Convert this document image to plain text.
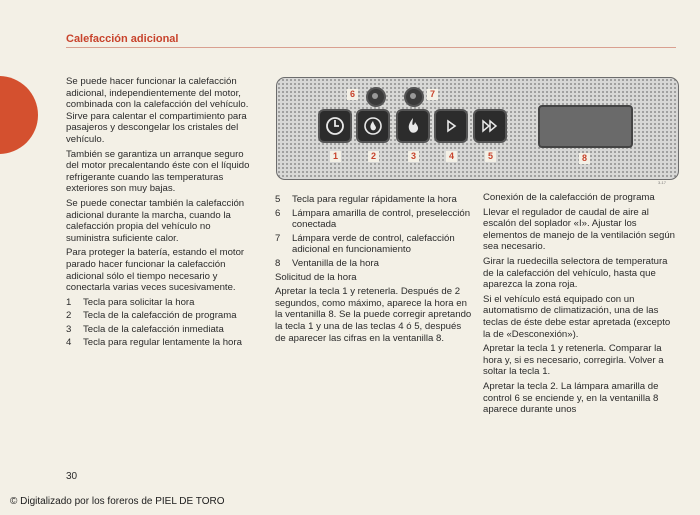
Calefacción adicional

Se puede hacer funcionar la calefacción adicional, independientemente del motor, combinada con la calefacción del vehículo. Sirve para calentar el compartimiento para pasajeros y descongelar los cristales del vehículo.

También se garantiza un arranque seguro del motor precalentando éste con el líquido refrigerante cuando las temperaturas exteriores son muy bajas.

Se puede conectar también la calefacción adicional durante la marcha, cuando la calefacción propia del vehículo no suministra suficiente calor.

Para proteger la batería, estando el motor parado hacer funcionar la calefacción adicional sólo el tiempo necesario y conectarla varias veces sucesivamente.

1	Tecla para solicitar la hora
2	Tecla de la calefacción de programa
3	Tecla de la calefacción inmediata
4	Tecla para regular lentamente la hora
6	7
1	2	3	4	5	8
3-17
5	Tecla para regular rápidamente la hora
6	Lámpara amarilla de control, preselección conectada
7	Lámpara verde de control, calefacción adicional en funcionamiento
8	Ventanilla de la hora

Solicitud de la hora

Apretar la tecla 1 y retenerla. Después de 2 segundos, como máximo, aparece la hora en la ventanilla 8. Se la puede corregir apretando la tecla 1 y una de las teclas 4 ó 5, después de aparecer las cifras en la ventanilla 8.

Conexión de la calefacción de programa

Llevar el regulador de caudal de aire al escalón del soplador «I». Ajustar los elementos de manejo de la ventilación según sea necesario.

Girar la ruedecilla selectora de temperatura de la calefacción del vehículo, hasta que aparezca la zona roja.

Si el vehículo está equipado con un automatismo de climatización, una de las teclas de éste debe estar apretada (excepto la de «Desconexión»).

Apretar la tecla 1 y retenerla. Comparar la hora y, si es necesario, corregirla. Volver a soltar la tecla 1.

Apretar la tecla 2. La lámpara amarilla de control 6 se enciende y, en la ventanilla 8 aparece durante unos

30
© Digitalizado por los foreros de PIEL DE TORO
